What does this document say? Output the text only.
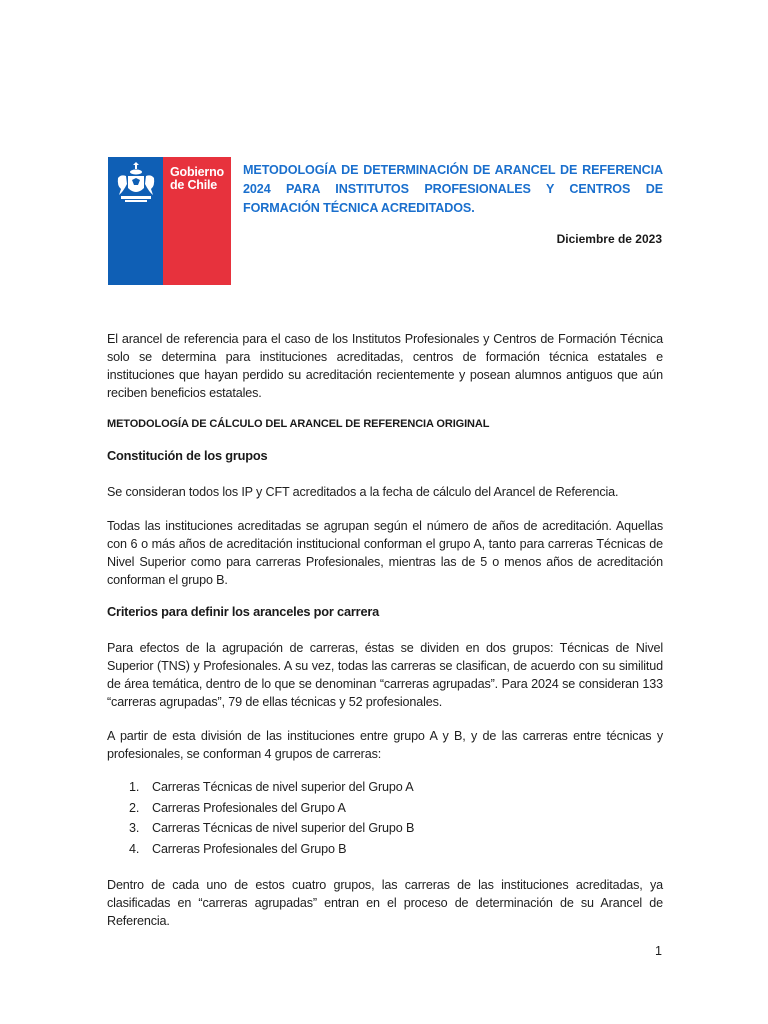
Gobierno
de Chile
METODOLOGÍA DE DETERMINACIÓN DE ARANCEL DE REFERENCIA 2024 PARA INSTITUTOS PROFESIONALES Y CENTROS DE FORMACIÓN TÉCNICA ACREDITADOS.
Diciembre de 2023
El arancel de referencia para el caso de los Institutos Profesionales y Centros de Formación Técnica solo se determina para instituciones acreditadas, centros de formación técnica estatales e instituciones que hayan perdido su acreditación recientemente y posean alumnos antiguos que aún reciben beneficios estatales.
METODOLOGÍA DE CÁLCULO DEL ARANCEL DE REFERENCIA ORIGINAL
Constitución de los grupos
Se consideran todos los IP y CFT acreditados a la fecha de cálculo del Arancel de Referencia.
Todas las instituciones acreditadas se agrupan según el número de años de acreditación. Aquellas con 6 o más años de acreditación institucional conforman el grupo A, tanto para carreras Técnicas de Nivel Superior como para carreras Profesionales, mientras las de 5 o menos años de acreditación conforman el grupo B.
Criterios para definir los aranceles por carrera
Para efectos de la agrupación de carreras, éstas se dividen en dos grupos: Técnicas de Nivel Superior (TNS) y Profesionales. A su vez, todas las carreras se clasifican, de acuerdo con su similitud de área temática, dentro de lo que se denominan “carreras agrupadas”. Para 2024 se consideran 133 “carreras agrupadas”, 79 de ellas técnicas y 52 profesionales.
A partir de esta división de las instituciones entre grupo A y B, y de las carreras entre técnicas y profesionales, se conforman 4 grupos de carreras:
1.	Carreras Técnicas de nivel superior del Grupo A
2.	Carreras Profesionales del Grupo A
3.	Carreras Técnicas de nivel superior del Grupo B
4.	Carreras Profesionales del Grupo B
Dentro de cada uno de estos cuatro grupos, las carreras de las instituciones acreditadas, ya clasificadas en “carreras agrupadas” entran en el proceso de determinación de su Arancel de Referencia.
1
